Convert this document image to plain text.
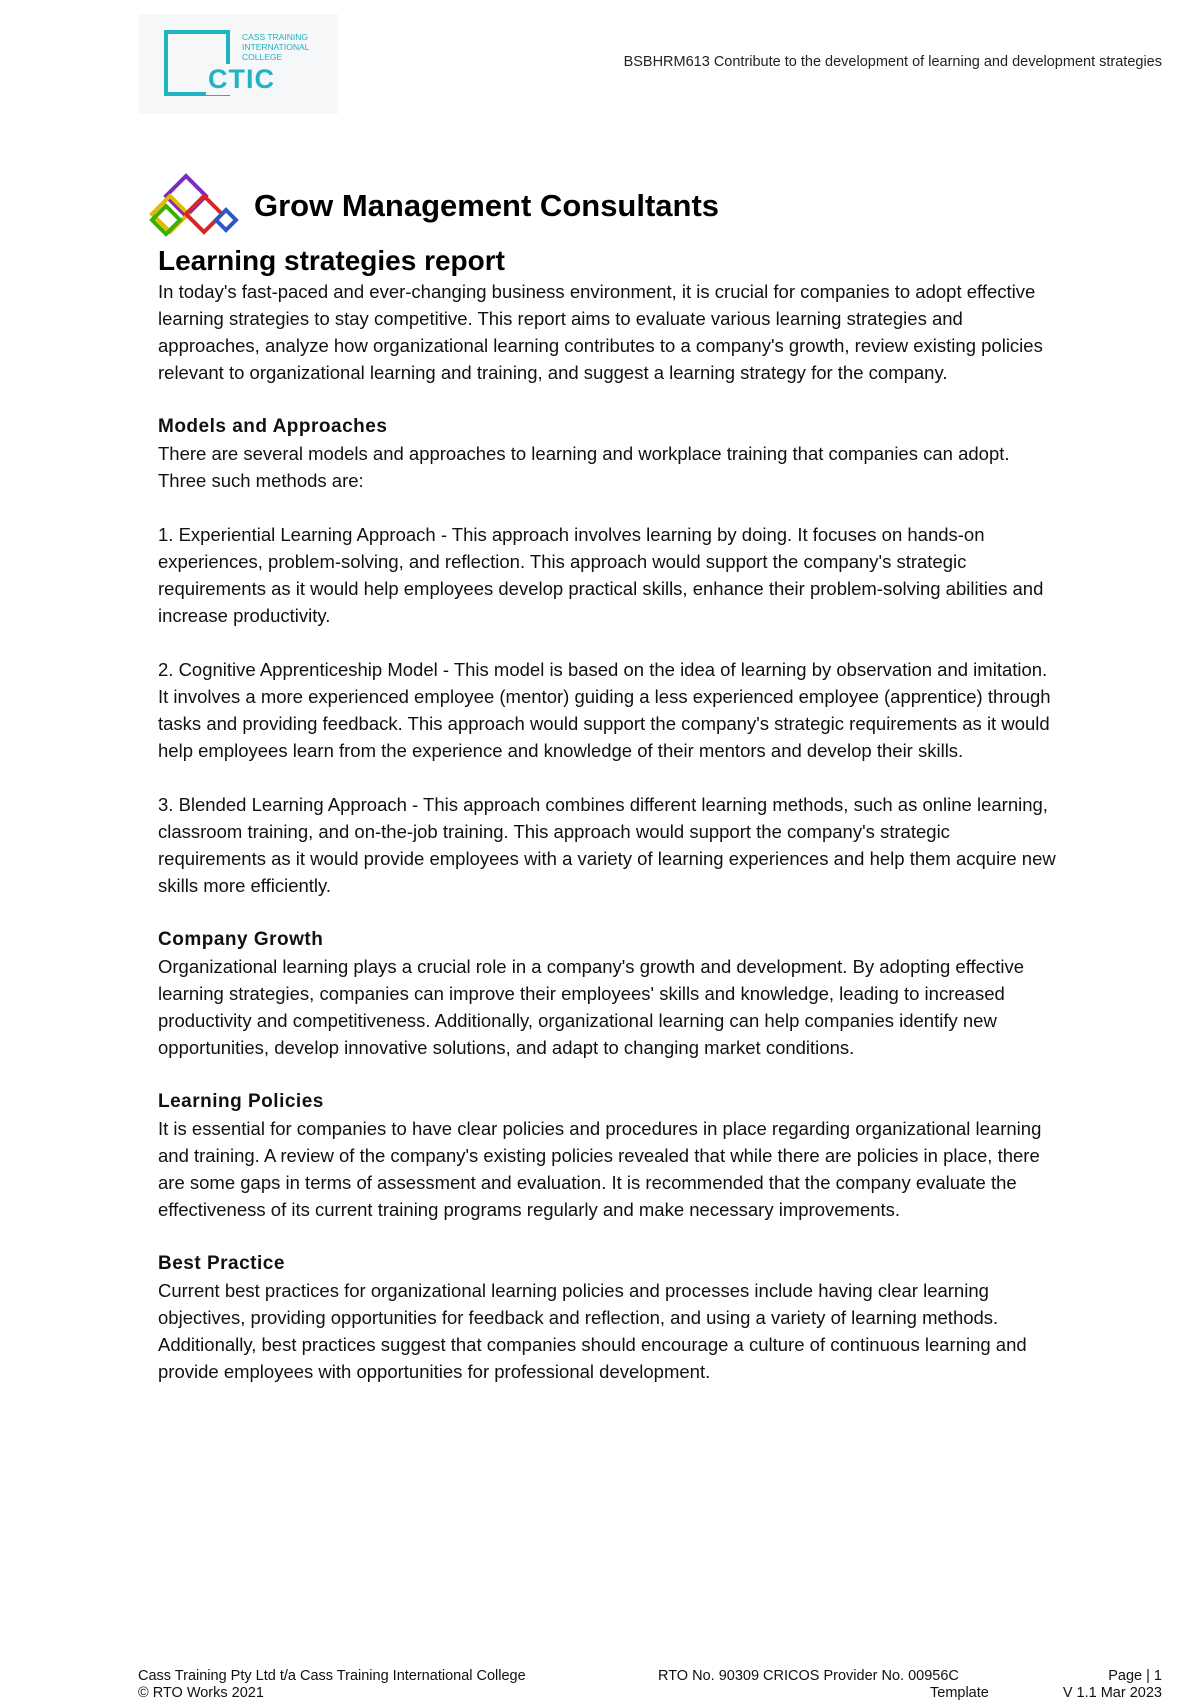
CASS TRAINING INTERNATIONAL COLLEGE
CTIC
BSBHRM613 Contribute to the development of learning and development strategies
Grow Management Consultants
Learning strategies report

In today's fast-paced and ever-changing business environment, it is crucial for companies to adopt effective learning strategies to stay competitive. This report aims to evaluate various learning strategies and approaches, analyze how organizational learning contributes to a company's growth, review existing policies relevant to organizational learning and training, and suggest a learning strategy for the company.

Models and Approaches

There are several models and approaches to learning and workplace training that companies can adopt. Three such methods are:

1. Experiential Learning Approach - This approach involves learning by doing. It focuses on hands-on experiences, problem-solving, and reflection. This approach would support the company's strategic requirements as it would help employees develop practical skills, enhance their problem-solving abilities and increase productivity.

2. Cognitive Apprenticeship Model - This model is based on the idea of learning by observation and imitation. It involves a more experienced employee (mentor) guiding a less experienced employee (apprentice) through tasks and providing feedback. This approach would support the company's strategic requirements as it would help employees learn from the experience and knowledge of their mentors and develop their skills.

3. Blended Learning Approach - This approach combines different learning methods, such as online learning, classroom training, and on-the-job training. This approach would support the company's strategic requirements as it would provide employees with a variety of learning experiences and help them acquire new skills more efficiently.

Company Growth

Organizational learning plays a crucial role in a company's growth and development. By adopting effective learning strategies, companies can improve their employees' skills and knowledge, leading to increased productivity and competitiveness. Additionally, organizational learning can help companies identify new opportunities, develop innovative solutions, and adapt to changing market conditions.

Learning Policies

It is essential for companies to have clear policies and procedures in place regarding organizational learning and training. A review of the company's existing policies revealed that while there are policies in place, there are some gaps in terms of assessment and evaluation. It is recommended that the company evaluate the effectiveness of its current training programs regularly and make necessary improvements.

Best Practice

Current best practices for organizational learning policies and processes include having clear learning objectives, providing opportunities for feedback and reflection, and using a variety of learning methods. Additionally, best practices suggest that companies should encourage a culture of continuous learning and provide employees with opportunities for professional development.

Cass Training Pty Ltd t/a Cass Training International College
© RTO Works 2021
RTO No. 90309 CRICOS Provider No. 00956C
Template
Page | 1
V 1.1 Mar 2023
